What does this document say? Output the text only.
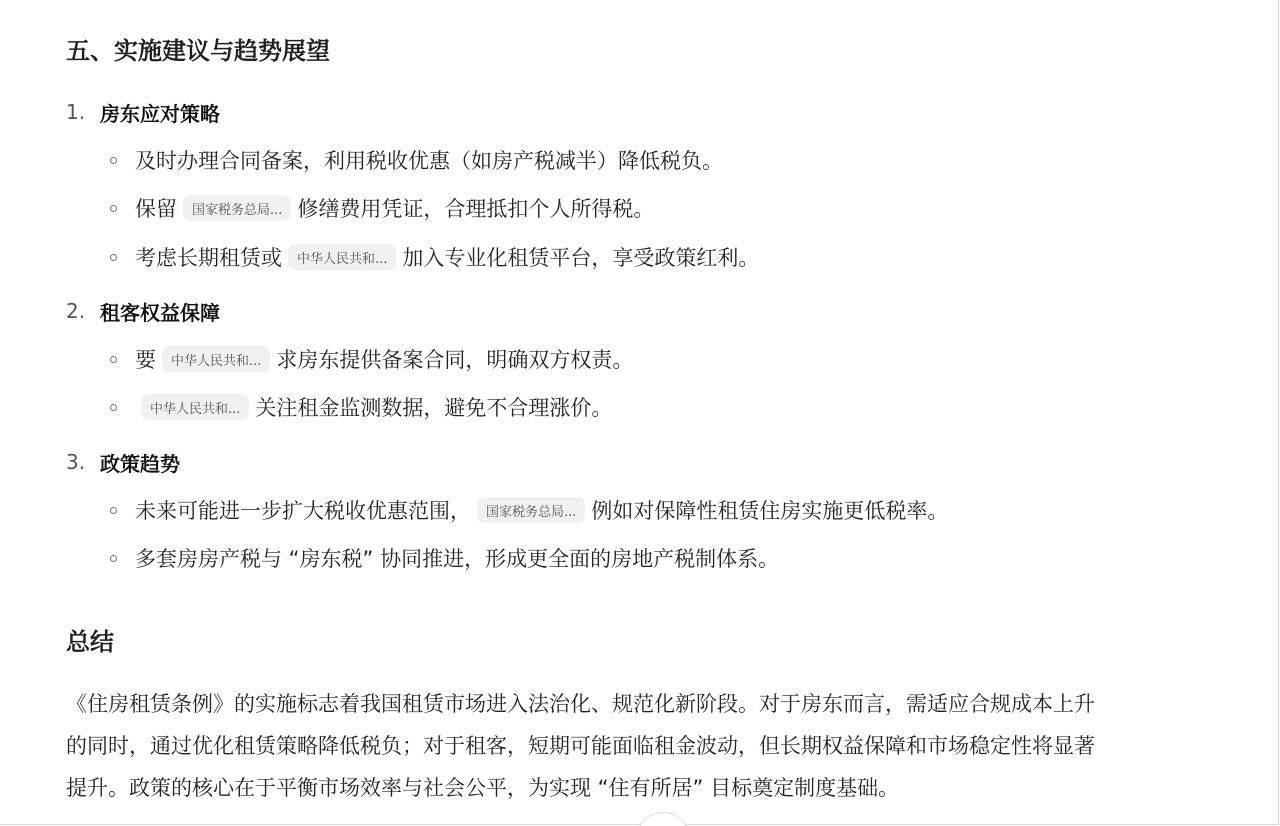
五、实施建议与趋势展望
1. 房东应对策略
及时办理合同备案，利用税收优惠（如房产税减半）降低税负。
保留	国家税务总局... 修缮费用凭证，合理抵扣个人所得税。
考虑长期租赁或	中华人民共和... 加入专业化租赁平台，享受政策红利。
2. 租客权益保障
要	中华人民共和... 求房东提供备案合同，明确双方权责。
中华人民共和... 关注租金监测数据，避免不合理涨价。
3. 政策趋势
未来可能进一步扩大税收优惠范围，	国家税务总局... 例如对保障性租赁住房实施更低税率。
多套房房产税与 “房东税” 协同推进，形成更全面的房地产税制体系。
总结

《住房租赁条例》的实施标志着我国租赁市场进入法治化、规范化新阶段。对于房东而言，需适应合规成本上升

的同时，通过优化租赁策略降低税负；对于租客，短期可能面临租金波动，但长期权益保障和市场稳定性将显著

提升。政策的核心在于平衡市场效率与社会公平，为实现 “住有所居” 目标奠定制度基础。
